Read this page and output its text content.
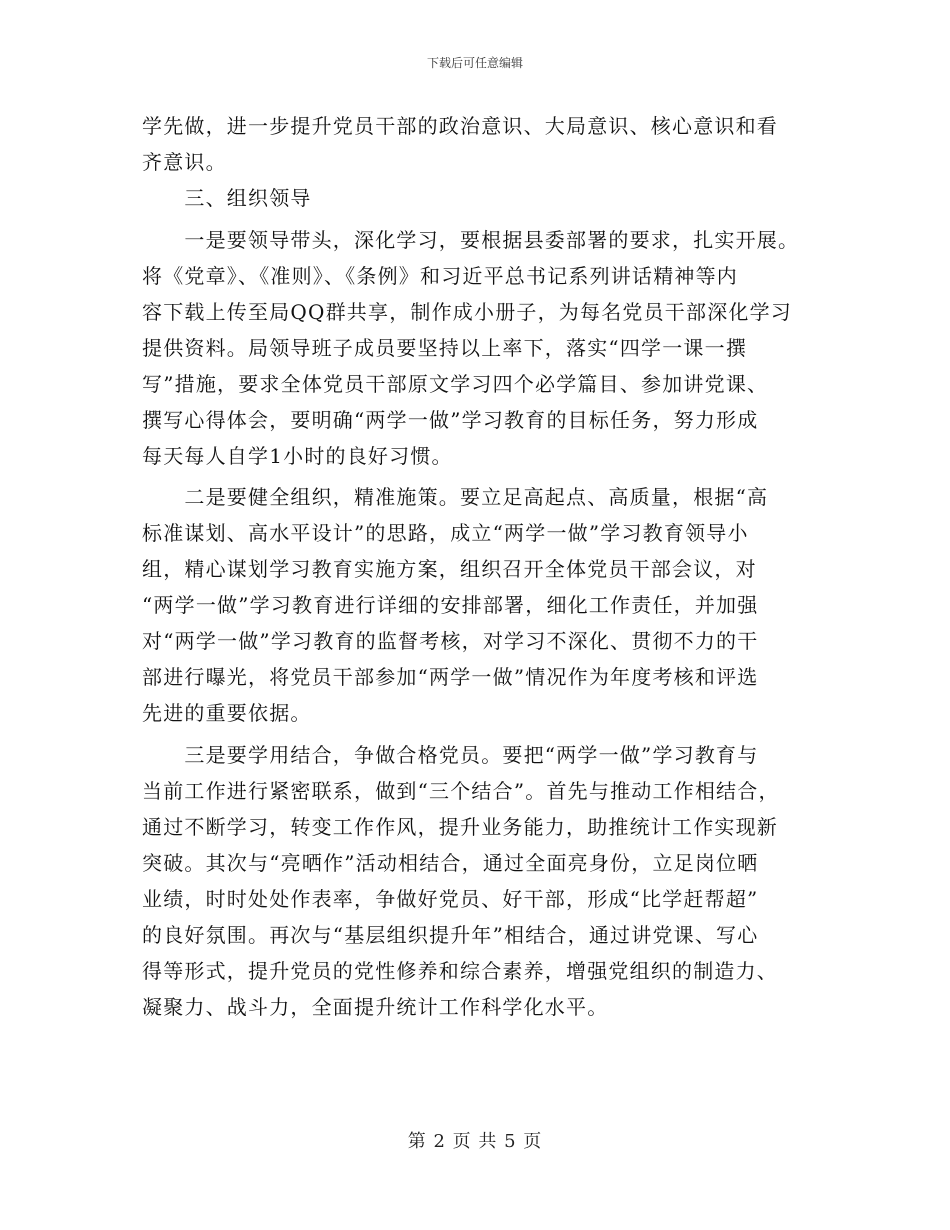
下载后可任意编辑
学先做，进一步提升党员干部的政治意识、大局意识、核心意识和看
齐意识。
　　三、组织领导
　　一是要领导带头，深化学习，要根据县委部署的要求，扎实开展。
将《党章》、《准则》、《条例》和习近平总书记系列讲话精神等内
容下载上传至局QQ群共享，制作成小册子，为每名党员干部深化学习
提供资料。局领导班子成员要坚持以上率下，落实“四学一课一撰
写”措施，要求全体党员干部原文学习四个必学篇目、参加讲党课、
撰写心得体会，要明确“两学一做”学习教育的目标任务，努力形成
每天每人自学1小时的良好习惯。
　　二是要健全组织，精准施策。要立足高起点、高质量，根据“高
标准谋划、高水平设计”的思路，成立“两学一做”学习教育领导小
组，精心谋划学习教育实施方案，组织召开全体党员干部会议，对
“两学一做”学习教育进行详细的安排部署，细化工作责任，并加强
对“两学一做”学习教育的监督考核，对学习不深化、贯彻不力的干
部进行曝光，将党员干部参加“两学一做”情况作为年度考核和评选
先进的重要依据。
　　三是要学用结合，争做合格党员。要把“两学一做”学习教育与
当前工作进行紧密联系，做到“三个结合”。首先与推动工作相结合，
通过不断学习，转变工作作风，提升业务能力，助推统计工作实现新
突破。其次与“亮晒作”活动相结合，通过全面亮身份，立足岗位晒
业绩，时时处处作表率，争做好党员、好干部，形成“比学赶帮超”
的良好氛围。再次与“基层组织提升年”相结合，通过讲党课、写心
得等形式，提升党员的党性修养和综合素养，增强党组织的制造力、
凝聚力、战斗力，全面提升统计工作科学化水平。
第 2 页 共 5 页
